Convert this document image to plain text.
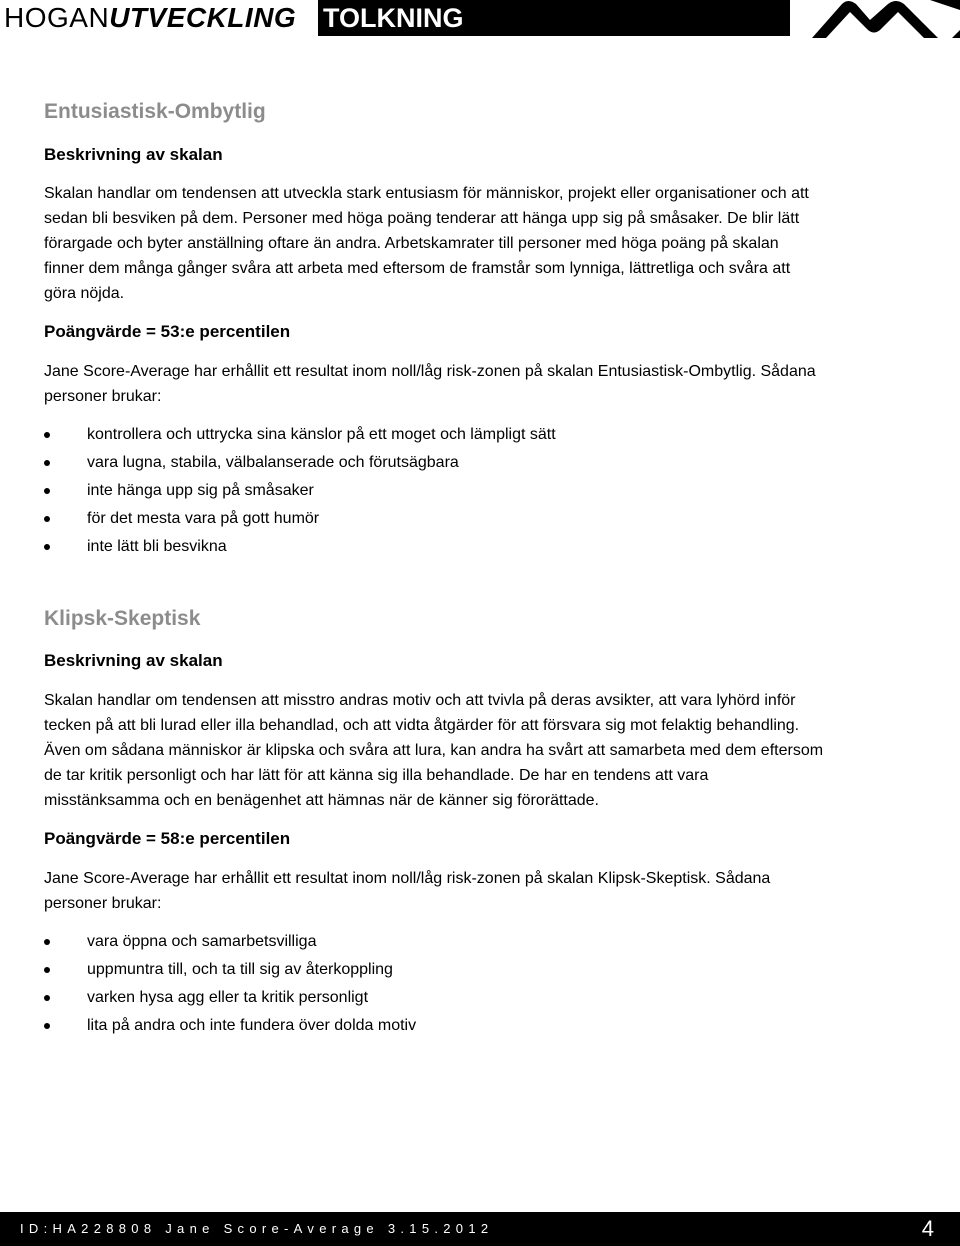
HOGANUTVECKLING TOLKNING
Entusiastisk-Ombytlig
Beskrivning av skalan
Skalan handlar om tendensen att utveckla stark entusiasm för människor, projekt eller organisationer och att
sedan bli besviken på dem. Personer med höga poäng tenderar att hänga upp sig på småsaker. De blir lätt
förargade och byter anställning oftare än andra. Arbetskamrater till personer med höga poäng på skalan
finner dem många gånger svåra att arbeta med eftersom de framstår som lynniga, lättretliga och svåra att
göra nöjda.
Poängvärde = 53:e percentilen
Jane Score-Average har erhållit ett resultat inom noll/låg risk-zonen på skalan Entusiastisk-Ombytlig. Sådana
personer brukar:
kontrollera och uttrycka sina känslor på ett moget och lämpligt sätt
vara lugna, stabila, välbalanserade och förutsägbara
inte hänga upp sig på småsaker
för det mesta vara på gott humör
inte lätt bli besvikna
Klipsk-Skeptisk
Beskrivning av skalan
Skalan handlar om tendensen att misstro andras motiv och att tvivla på deras avsikter, att vara lyhörd inför
tecken på att bli lurad eller illa behandlad, och att vidta åtgärder för att försvara sig mot felaktig behandling.
Även om sådana människor är klipska och svåra att lura, kan andra ha svårt att samarbeta med dem eftersom
de tar kritik personligt och har lätt för att känna sig illa behandlade. De har en tendens att vara
misstänksamma och en benägenhet att hämnas när de känner sig förorättade.
Poängvärde = 58:e percentilen
Jane Score-Average har erhållit ett resultat inom noll/låg risk-zonen på skalan Klipsk-Skeptisk. Sådana
personer brukar:
vara öppna och samarbetsvilliga
uppmuntra till, och ta till sig av återkoppling
varken hysa agg eller ta kritik personligt
lita på andra och inte fundera över dolda motiv
ID:HA228808 Jane Score-Average 3.15.2012	4
